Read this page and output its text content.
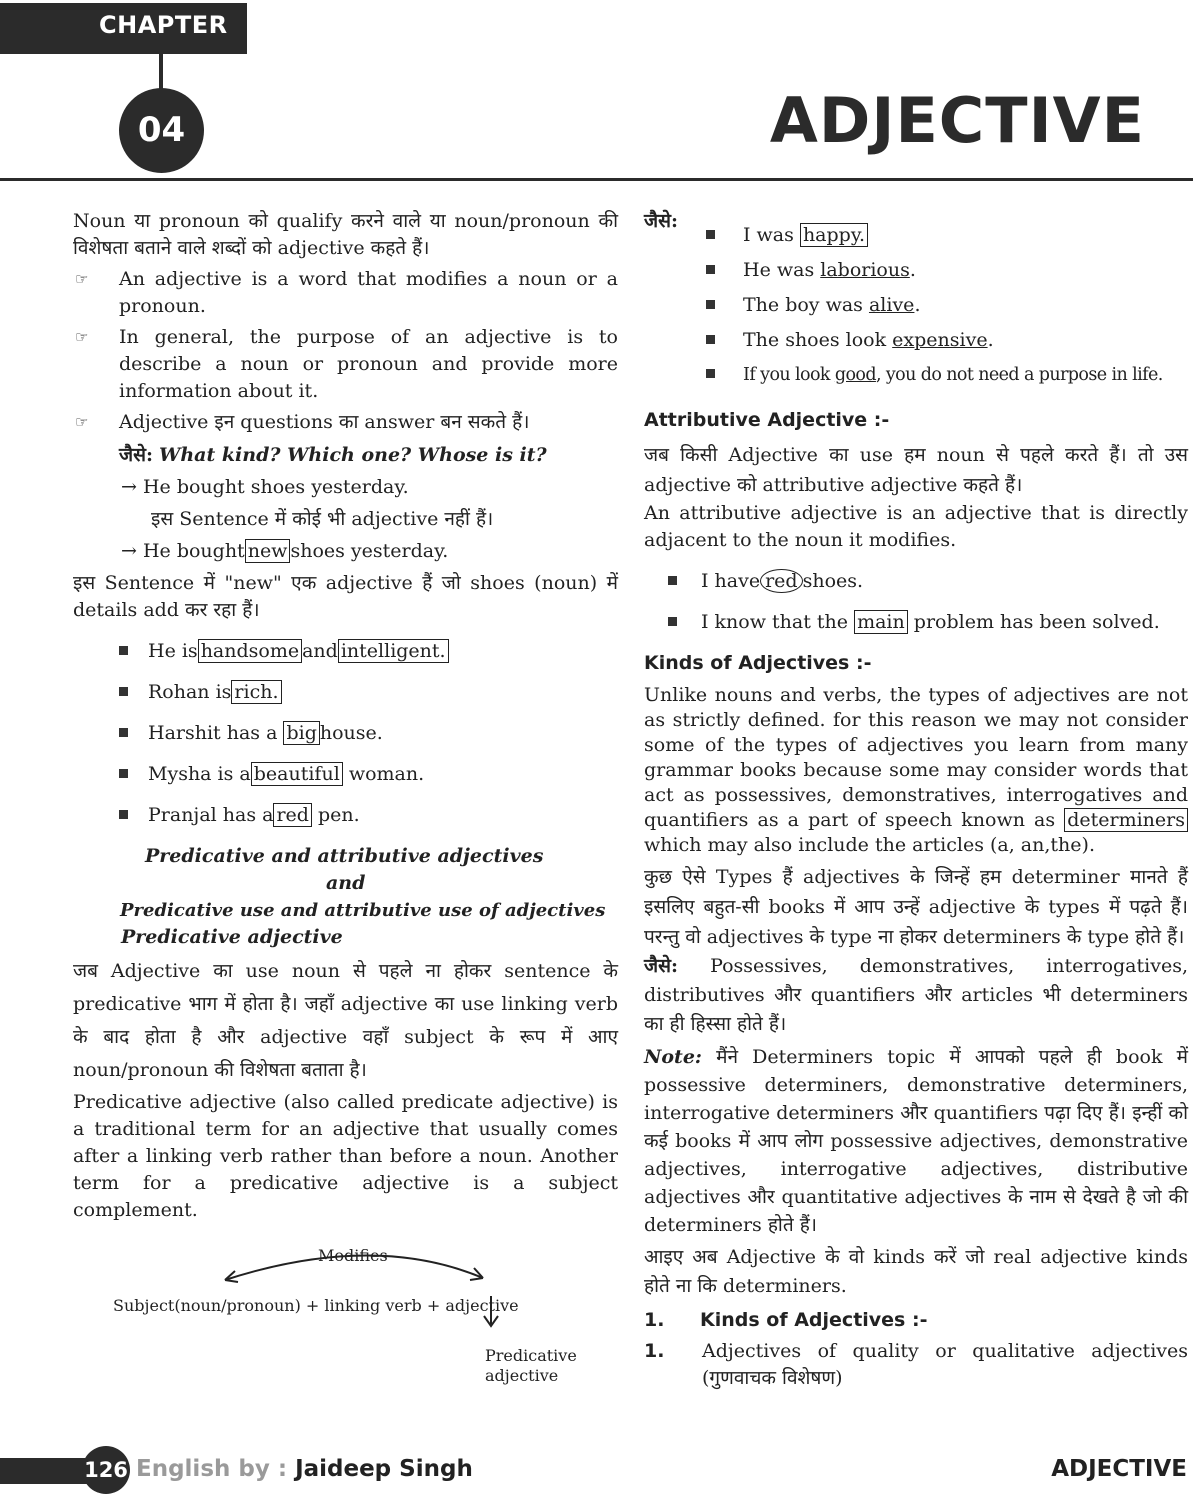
CHAPTER
04	ADJECTIVE

Noun या pronoun को qualify करने वाले या noun/pronoun की विशेषता बताने वाले शब्दों को adjective कहते हैं।

☞	An adjective is a word that modifies a noun or a pronoun.
☞	In general, the purpose of an adjective is to describe a noun or pronoun and provide more information about it.
☞	Adjective इन questions का answer बन सकते हैं।
जैसे: What kind? Which one? Whose is it?
→ He bought shoes yesterday.
इस Sentence में कोई भी adjective नहीं हैं।
→ He bought new shoes yesterday.

इस Sentence में "new" एक adjective हैं जो shoes (noun) में details add कर रहा हैं।

He is handsome and intelligent.
Rohan is rich.
Harshit has a big house.
Mysha is a beautiful woman.
Pranjal has a red pen.
Predicative and attributive adjectives
and
Predicative use and attributive use of adjectives
Predicative adjective

जब Adjective का use noun से पहले ना होकर sentence के predicative भाग में होता है। जहाँ adjective का use linking verb के बाद होता है और adjective वहाँ subject के रूप में आए noun/pronoun की विशेषता बताता है।

Predicative adjective (also called predicate adjective) is a traditional term for an adjective that usually comes after a linking verb rather than before a noun. Another term for a predicative adjective is a subject complement.

Modifies
Subject(noun/pronoun) + linking verb + adjective
Predicative
adjective
जैसे:
I was happy.
He was laborious.
The boy was alive.
The shoes look expensive.
If you look good, you do not need a purpose in life.
Attributive Adjective :-

जब किसी Adjective का use हम noun से पहले करते हैं। तो उस adjective को attributive adjective कहते हैं।

An attributive adjective is an adjective that is directly adjacent to the noun it modifies.

I have red shoes.
I know that the main problem has been solved.
Kinds of Adjectives :-

Unlike nouns and verbs, the types of adjectives are not as strictly defined. for this reason we may not consider some of the types of adjectives you learn from many grammar books because some may consider words that act as possessives, demonstratives, interrogatives and quantifiers as a part of speech known as determiners which may also include the articles (a, an,the).

कुछ ऐसे Types हैं adjectives के जिन्हें हम determiner मानते हैं इसलिए बहुत-सी books में आप उन्हें adjective के types में पढ़ते हैं। परन्तु वो adjectives के type ना होकर determiners के type होते हैं।

जैसे: Possessives, demonstratives, interrogatives, distributives और quantifiers और articles भी determiners का ही हिस्सा होते हैं।

Note: मैंने Determiners topic में आपको पहले ही book में possessive determiners, demonstrative determiners, interrogative determiners और quantifiers पढ़ा दिए हैं। इन्हीं को कई books में आप लोग possessive adjectives, demonstrative adjectives, interrogative adjectives, distributive adjectives और quantitative adjectives के नाम से देखते है जो की determiners होते हैं।

आइए अब Adjective के वो kinds करें जो real adjective kinds होते ना कि determiners.

1.	Kinds of Adjectives :-
1.	Adjectives of quality or qualitative adjectives (गुणवाचक विशेषण)
126 English by : Jaideep Singh	ADJECTIVE
